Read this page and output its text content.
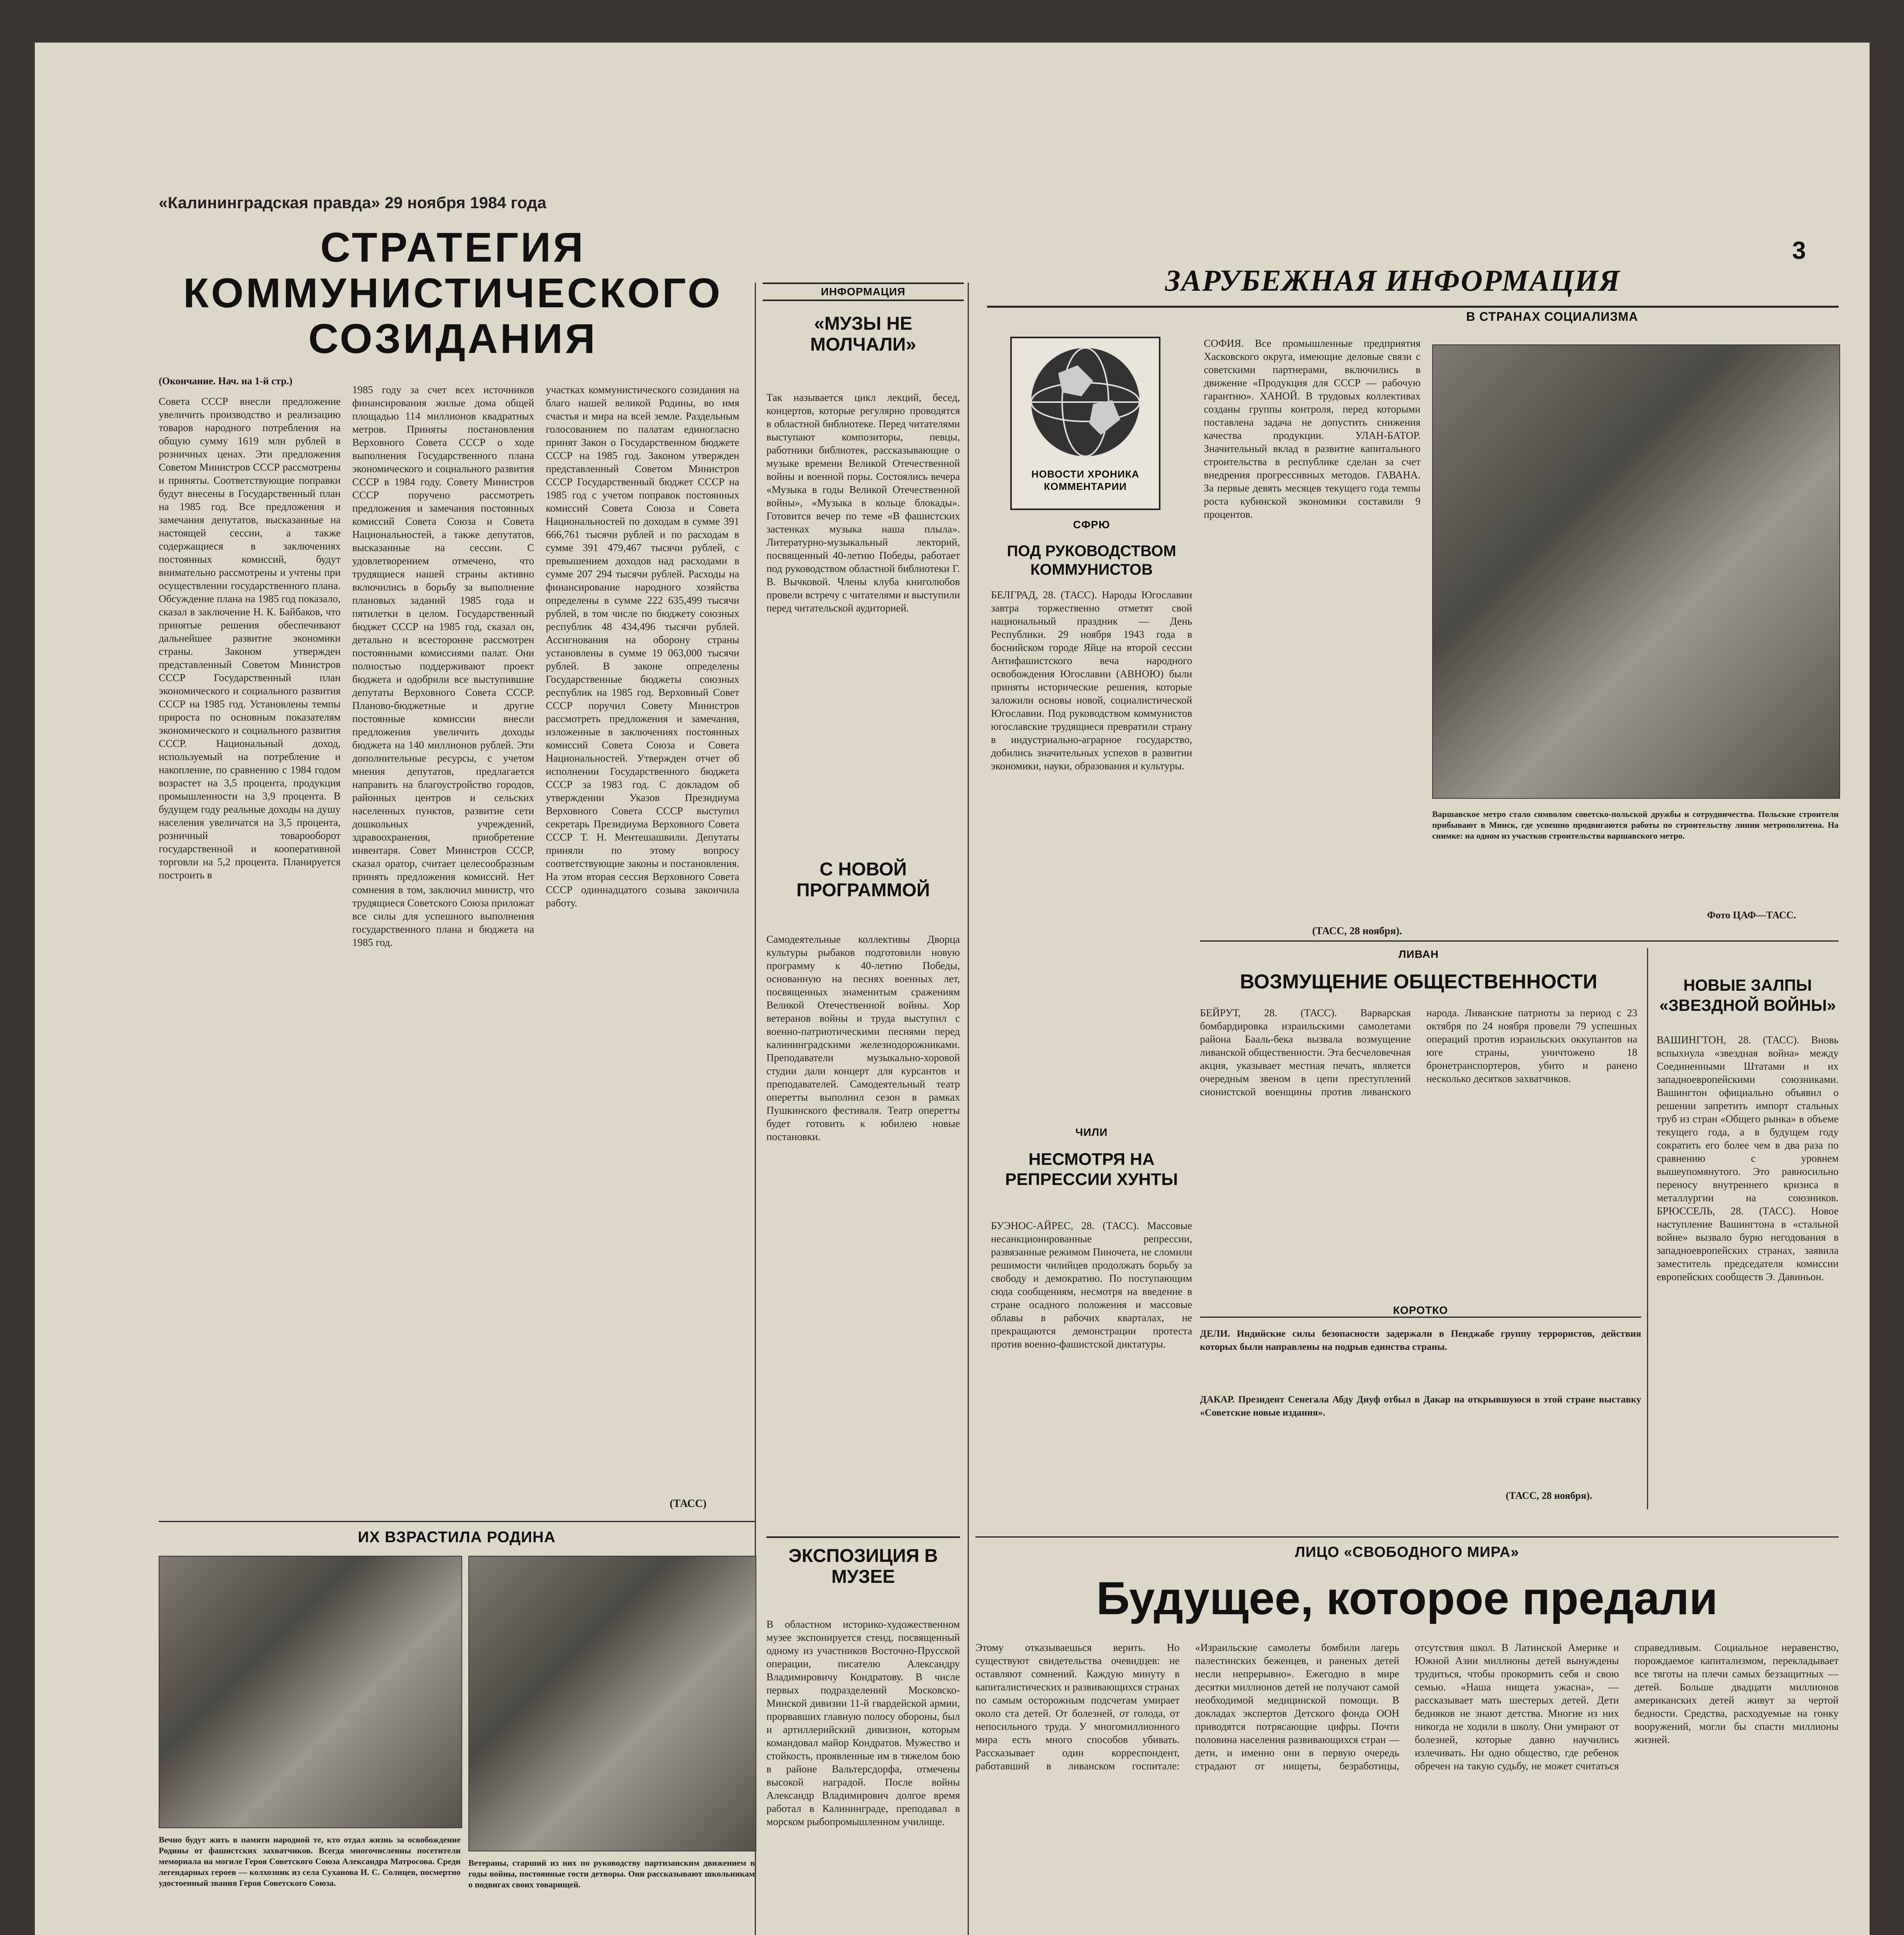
«Калининградская правда» 29 ноября 1984 года
3
СТРАТЕГИЯ КОММУНИСТИЧЕСКОГО СОЗИДАНИЯ
(Окончание. Нач. на 1-й стр.)
Совета СССР внесли предложение увеличить производство и реализацию товаров народного потребления на общую сумму 1619 млн рублей в розничных ценах. Эти предложения Советом Министров СССР рассмотрены и приняты. Соответствующие поправки будут внесены в Государственный план на 1985 год. Все предложения и замечания депутатов, высказанные на настоящей сессии, а также содержащиеся в заключениях постоянных комиссий, будут внимательно рассмотрены и учтены при осуществлении государственного плана. Обсуждение плана на 1985 год показало, сказал в заключение Н. К. Байбаков, что принятые решения обеспечивают дальнейшее развитие экономики страны. Законом утвержден представленный Советом Министров СССР Государственный план экономического и социального развития СССР на 1985 год. Установлены темпы прироста по основным показателям экономического и социального развития СССР. Национальный доход, используемый на потребление и накопление, по сравнению с 1984 годом возрастет на 3,5 процента, продукция промышленности на 3,9 процента. В будущем году реальные доходы на душу населения увеличатся на 3,5 процента, розничный товарооборот государственной и кооперативной торговли на 5,2 процента. Планируется построить в
1985 году за счет всех источников финансирования жилые дома общей площадью 114 миллионов квадратных метров. Приняты постановления Верховного Совета СССР о ходе выполнения Государственного плана экономического и социального развития СССР в 1984 году. Совету Министров СССР поручено рассмотреть предложения и замечания постоянных комиссий Совета Союза и Совета Национальностей, а также депутатов, высказанные на сессии. С удовлетворением отмечено, что трудящиеся нашей страны активно включились в борьбу за выполнение плановых заданий 1985 года и пятилетки в целом. Государственный бюджет СССР на 1985 год, сказал он, детально и всесторонне рассмотрен постоянными комиссиями палат. Они полностью поддерживают проект бюджета и одобрили все выступившие депутаты Верховного Совета СССР. Планово-бюджетные и другие постоянные комиссии внесли предложения увеличить доходы бюджета на 140 миллионов рублей. Эти дополнительные ресурсы, с учетом мнения депутатов, предлагается направить на благоустройство городов, районных центров и сельских населенных пунктов, развитие сети дошкольных учреждений, здравоохранения, приобретение инвентаря. Совет Министров СССР, сказал оратор, считает целесообразным принять предложения комиссий. Нет сомнения в том, заключил министр, что трудящиеся Советского Союза приложат все силы для успешного выполнения государственного плана и бюджета на 1985 год.
участках коммунистического созидания на благо нашей великой Родины, во имя счастья и мира на всей земле. Раздельным голосованием по палатам единогласно принят Закон о Государственном бюджете СССР на 1985 год. Законом утвержден представленный Советом Министров СССР Государственный бюджет СССР на 1985 год с учетом поправок постоянных комиссий Совета Союза и Совета Национальностей по доходам в сумме 391 666,761 тысячи рублей и по расходам в сумме 391 479,467 тысячи рублей, с превышением доходов над расходами в сумме 207 294 тысячи рублей. Расходы на финансирование народного хозяйства определены в сумме 222 635,499 тысячи рублей, в том числе по бюджету союзных республик 48 434,496 тысячи рублей. Ассигнования на оборону страны установлены в сумме 19 063,000 тысячи рублей. В законе определены Государственные бюджеты союзных республик на 1985 год. Верховный Совет СССР поручил Совету Министров рассмотреть предложения и замечания, изложенные в заключениях постоянных комиссий Совета Союза и Совета Национальностей. Утвержден отчет об исполнении Государственного бюджета СССР за 1983 год. С докладом об утверждении Указов Президиума Верховного Совета СССР выступил секретарь Президиума Верховного Совета СССР Т. Н. Ментешашвили. Депутаты приняли по этому вопросу соответствующие законы и постановления. На этом вторая сессия Верховного Совета СССР одиннадцатого созыва закончила работу.
(ТАСС)
ИНФОРМАЦИЯ
«МУЗЫ НЕ МОЛЧАЛИ»
Так называется цикл лекций, бесед, концертов, которые регулярно проводятся в областной библиотеке. Перед читателями выступают композиторы, певцы, работники библиотек, рассказывающие о музыке времени Великой Отечественной войны и военной поры. Состоялись вечера «Музыка в годы Великой Отечественной войны», «Музыка в кольце блокады». Готовится вечер по теме «В фашистских застенках музыка наша плыла». Литературно-музыкальный лекторий, посвященный 40-летию Победы, работает под руководством областной библиотеки Г. В. Вычковой. Члены клуба книголюбов провели встречу с читателями и выступили перед читательской аудиторией.
С НОВОЙ ПРОГРАММОЙ
Самодеятельные коллективы Дворца культуры рыбаков подготовили новую программу к 40-летию Победы, основанную на песнях военных лет, посвященных знаменитым сражениям Великой Отечественной войны. Хор ветеранов войны и труда выступил с военно-патриотическими песнями перед калининградскими железнодорожниками. Преподаватели музыкально-хоровой студии дали концерт для курсантов и преподавателей. Самодеятельный театр оперетты выполнил сезон в рамках Пушкинского фестиваля. Театр оперетты будет готовить к юбилею новые постановки.
ЭКСПОЗИЦИЯ В МУЗЕЕ
В областном историко-художественном музее экспонируется стенд, посвященный одному из участников Восточно-Прусской операции, писателю Александру Владимировичу Кондратову. В числе первых подразделений Московско-Минской дивизии 11-й гвардейской армии, прорвавших главную полосу обороны, был и артиллерийский дивизион, которым командовал майор Кондратов. Мужество и стойкость, проявленные им в тяжелом бою в районе Вальтерсдорфа, отмечены высокой наградой. После войны Александр Владимирович долгое время работал в Калининграде, преподавал в морском рыбопромышленном училище.
ЗАРУБЕЖНАЯ ИНФОРМАЦИЯ
НОВОСТИ ХРОНИКА КОММЕНТАРИИ
СФРЮ
ПОД РУКОВОДСТВОМ КОММУНИСТОВ
БЕЛГРАД, 28. (ТАСС). Народы Югославии завтра торжественно отметят свой национальный праздник — День Республики. 29 ноября 1943 года в боснийском городе Яйце на второй сессии Антифашистского веча народного освобождения Югославии (АВНОЮ) были приняты исторические решения, которые заложили основы новой, социалистической Югославии. Под руководством коммунистов югославские трудящиеся превратили страну в индустриально-аграрное государство, добились значительных успехов в развитии экономики, науки, образования и культуры.
ЧИЛИ
НЕСМОТРЯ НА РЕПРЕССИИ ХУНТЫ
БУЭНОС-АЙРЕС, 28. (ТАСС). Массовые несанкционированные репрессии, развязанные режимом Пиночета, не сломили решимости чилийцев продолжать борьбу за свободу и демократию. По поступающим сюда сообщениям, несмотря на введение в стране осадного положения и массовые облавы в рабочих кварталах, не прекращаются демонстрации протеста против военно-фашистской диктатуры.
В СТРАНАХ СОЦИАЛИЗМА
СОФИЯ. Все промышленные предприятия Хасковского округа, имеющие деловые связи с советскими партнерами, включились в движение «Продукция для СССР — рабочую гарантию». ХАНОЙ. В трудовых коллективах созданы группы контроля, перед которыми поставлена задача не допустить снижения качества продукции. УЛАН-БАТОР. Значительный вклад в развитие капитального строительства в республике сделан за счет внедрения прогрессивных методов. ГАВАНА. За первые девять месяцев текущего года темпы роста кубинской экономики составили 9 процентов.
(ТАСС, 28 ноября).
Варшавское метро стало символом советско-польской дружбы и сотрудничества. Польские строители прибывают в Минск, где успешно продвигаются работы по строительству линии метрополитена. На снимке: на одном из участков строительства варшавского метро.
Фото ЦАФ—ТАСС.
ЛИВАН
ВОЗМУЩЕНИЕ ОБЩЕСТВЕННОСТИ
БЕЙРУТ, 28. (ТАСС). Варварская бомбардировка израильскими самолетами района Бааль-бека вызвала возмущение ливанской общественности. Эта бесчеловечная акция, указывает местная печать, является очередным звеном в цепи преступлений сионистской военщины против ливанского народа. Ливанские патриоты за период с 23 октября по 24 ноября провели 79 успешных операций против израильских оккупантов на юге страны, уничтожено 18 бронетранспортеров, убито и ранено несколько десятков захватчиков.
НОВЫЕ ЗАЛПЫ «ЗВЕЗДНОЙ ВОЙНЫ»
ВАШИНГТОН, 28. (ТАСС). Вновь вспыхнула «звездная война» между Соединенными Штатами и их западноевропейскими союзниками. Вашингтон официально объявил о решении запретить импорт стальных труб из стран «Общего рынка» в объеме текущего года, а в будущем году сократить его более чем в два раза по сравнению с уровнем вышеупомянутого. Это равносильно переносу внутреннего кризиса в металлургии на союзников. БРЮССЕЛЬ, 28. (ТАСС). Новое наступление Вашингтона в «стальной войне» вызвало бурю негодования в западноевропейских странах, заявила заместитель председателя комиссии европейских сообществ Э. Давиньон.
КОРОТКО
ДЕЛИ. Индийские силы безопасности задержали в Пенджабе группу террористов, действия которых были направлены на подрыв единства страны.
ДАКАР. Президент Сенегала Абду Диуф отбыл в Дакар на открывшуюся в этой стране выставку «Советские новые издания».
(ТАСС, 28 ноября).
ИХ ВЗРАСТИЛА РОДИНА
Вечно будут жить в памяти народной те, кто отдал жизнь за освобождение Родины от фашистских захватчиков. Всегда многочисленны посетители мемориала на могиле Героя Советского Союза Александра Матросова. Среди легендарных героев — колхозник из села Суханова И. С. Солнцев, посмертно удостоенный звания Героя Советского Союза.
Ветераны, старший из них по руководству партизанским движением в годы войны, постоянные гости детворы. Они рассказывают школьникам о подвигах своих товарищей.
ЛИЦО «СВОБОДНОГО МИРА»
Будущее, которое предали
Этому отказываешься верить. Но существуют свидетельства очевидцев: не оставляют сомнений. Каждую минуту в капиталистических и развивающихся странах по самым осторожным подсчетам умирает около ста детей. От болезней, от голода, от непосильного труда. У многомиллионного мира есть много способов убивать. Рассказывает один корреспондент, работавший в ливанском госпитале: «Израильские самолеты бомбили лагерь палестинских беженцев, и раненых детей несли непрерывно». Ежегодно в мире десятки миллионов детей не получают самой необходимой медицинской помощи. В докладах экспертов Детского фонда ООН приводятся потрясающие цифры. Почти половина населения развивающихся стран — дети, и именно они в первую очередь страдают от нищеты, безработицы, отсутствия школ. В Латинской Америке и Южной Азии миллионы детей вынуждены трудиться, чтобы прокормить себя и свою семью. «Наша нищета ужасна», — рассказывает мать шестерых детей. Дети бедняков не знают детства. Многие из них никогда не ходили в школу. Они умирают от болезней, которые давно научились излечивать. Ни одно общество, где ребенок обречен на такую судьбу, не может считаться справедливым. Социальное неравенство, порождаемое капитализмом, перекладывает все тяготы на плечи самых беззащитных — детей. Больше двадцати миллионов американских детей живут за чертой бедности. Средства, расходуемые на гонку вооружений, могли бы спасти миллионы жизней.
